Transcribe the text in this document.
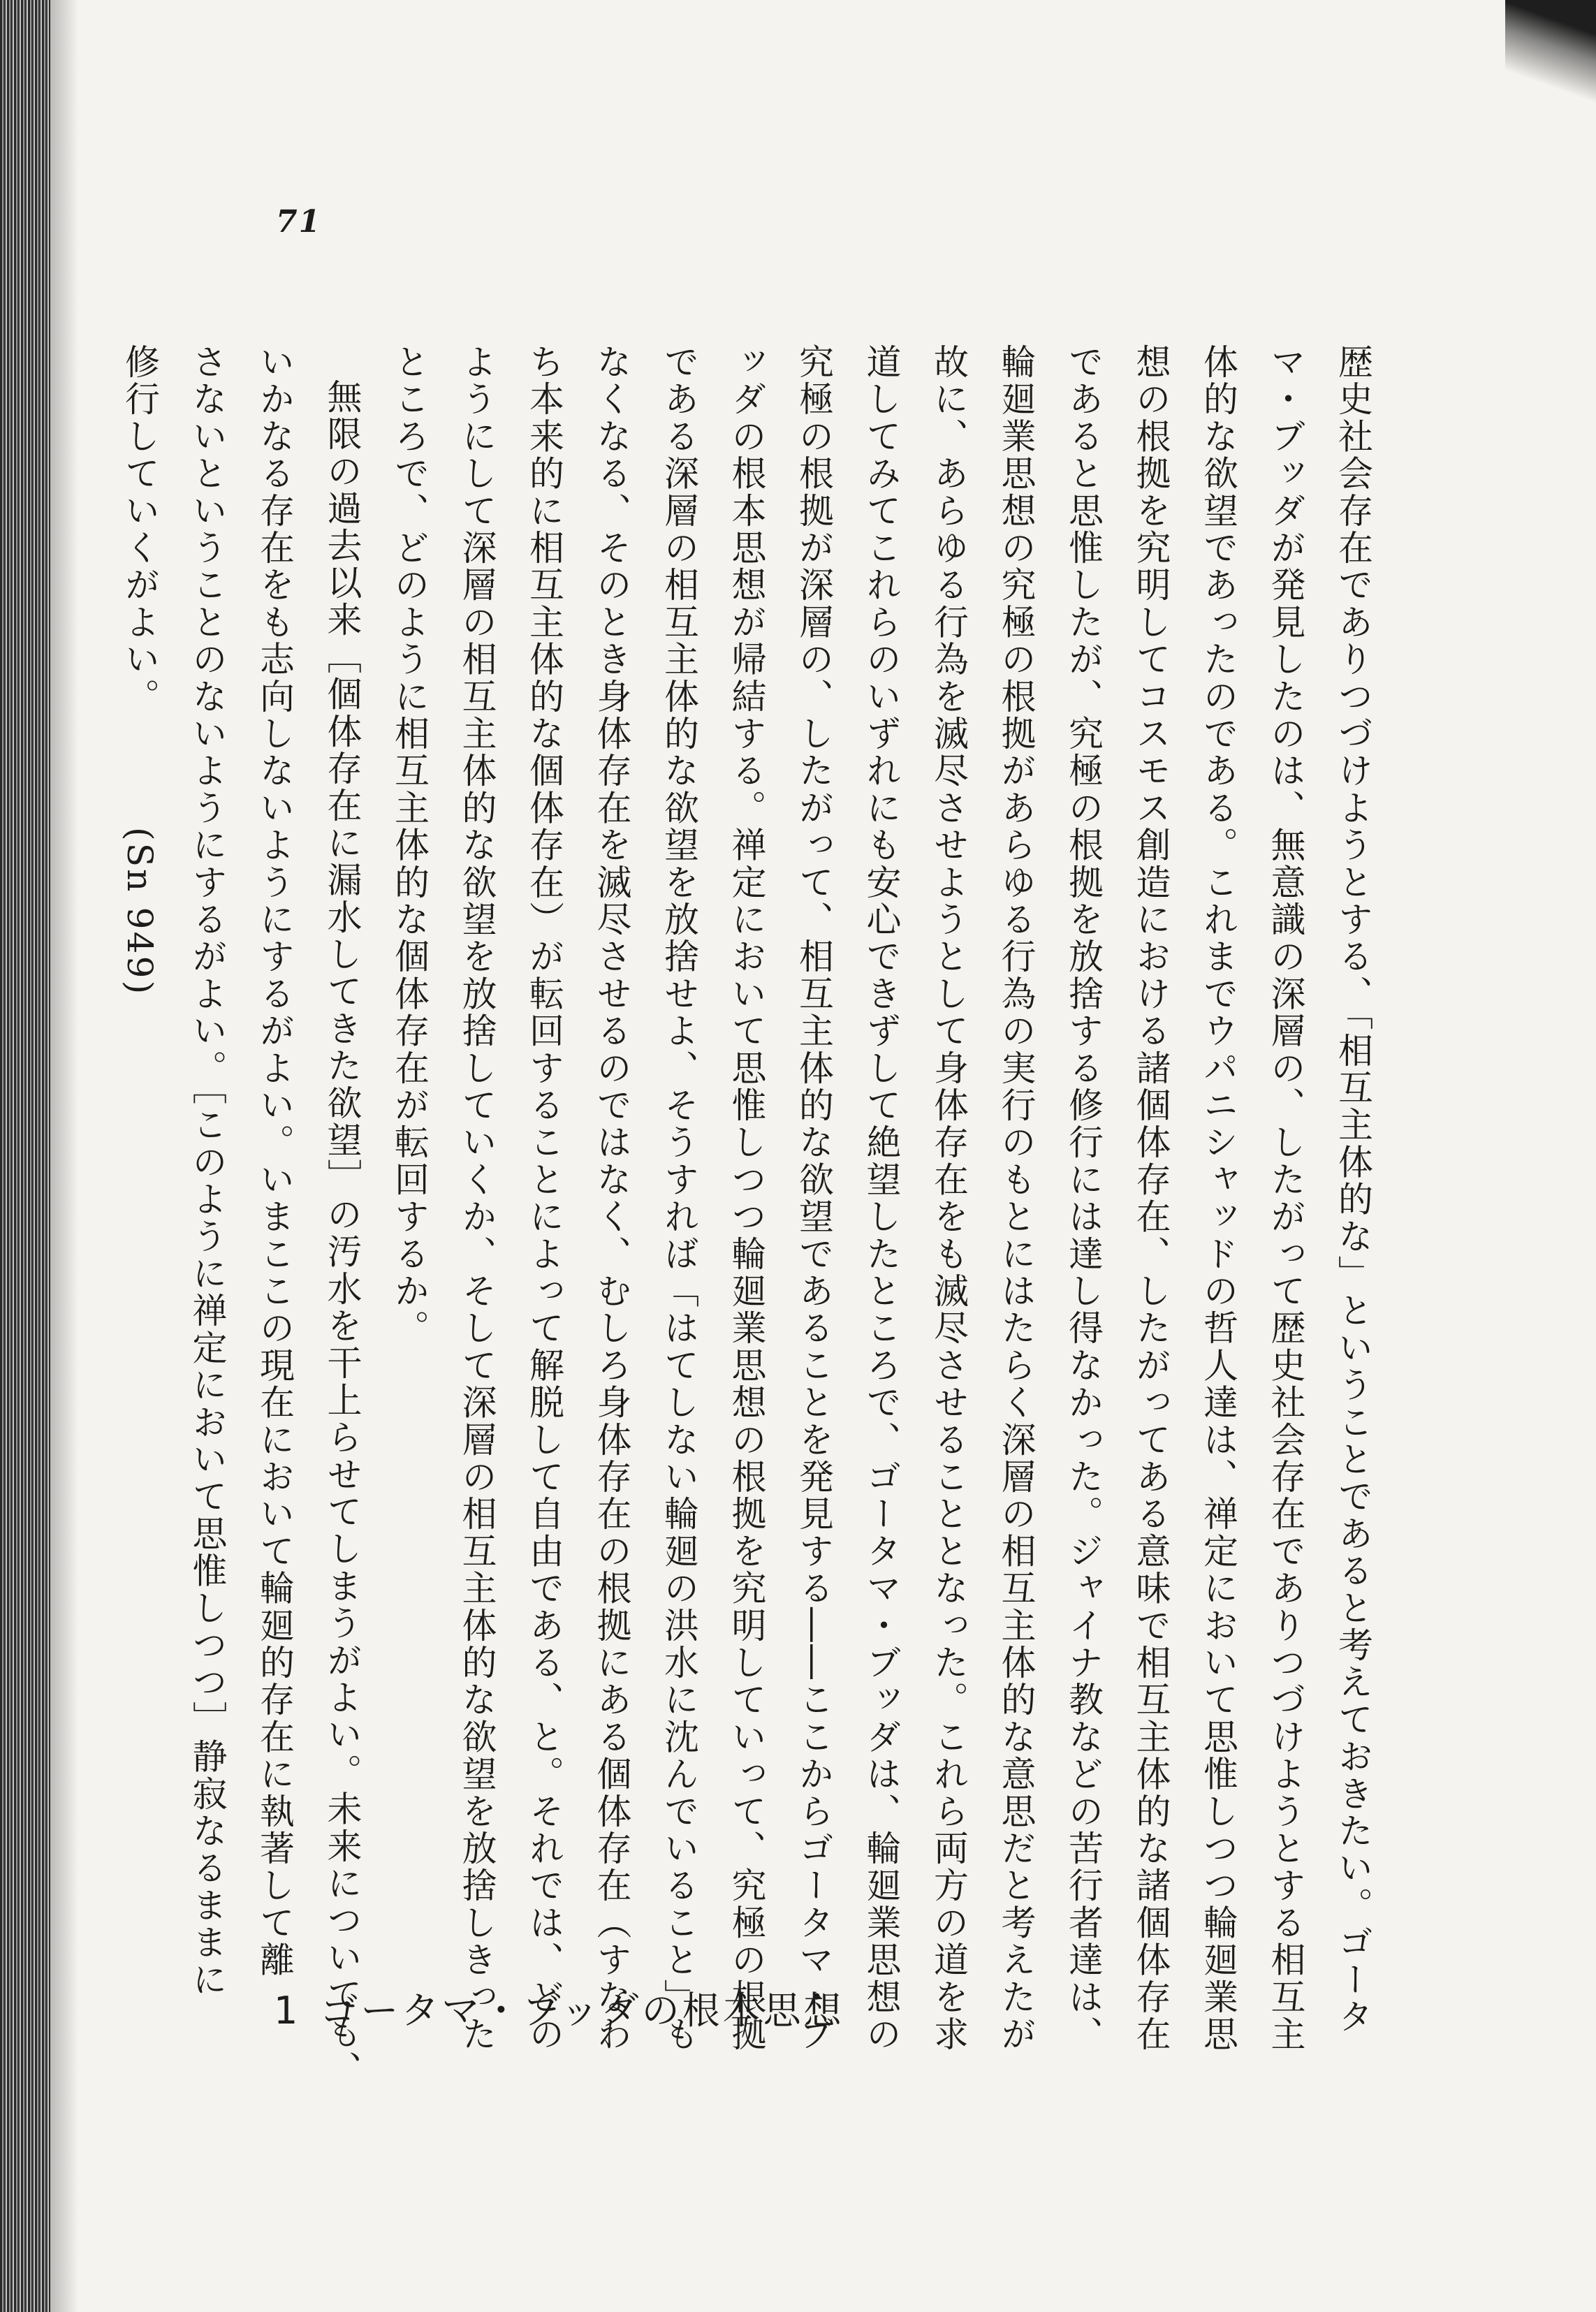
71

歴史社会存在でありつづけようとする、「相互主体的な」ということであると考えておきたい。ゴータ
マ・ブッダが発見したのは、無意識の深層の、したがって歴史社会存在でありつづけようとする相互主
体的な欲望であったのである。これまでウパニシャッドの哲人達は、禅定において思惟しつつ輪廻業思
想の根拠を究明してコスモス創造における諸個体存在、したがってある意味で相互主体的な諸個体存在
であると思惟したが、究極の根拠を放捨する修行には達し得なかった。ジャイナ教などの苦行者達は、
輪廻業思想の究極の根拠があらゆる行為の実行のもとにはたらく深層の相互主体的な意思だと考えたが
故に、あらゆる行為を滅尽させようとして身体存在をも滅尽させることとなった。これら両方の道を求
道してみてこれらのいずれにも安心できずして絶望したところで、ゴータマ・ブッダは、輪廻業思想の
究極の根拠が深層の、したがって、相互主体的な欲望であることを発見する――ここからゴータマ・ブ
ッダの根本思想が帰結する。禅定において思惟しつつ輪廻業思想の根拠を究明していって、究極の根拠
である深層の相互主体的な欲望を放捨せよ、そうすれば「はてしない輪廻の洪水に沈んでいること」も
なくなる、そのとき身体存在を滅尽させるのではなく、むしろ身体存在の根拠にある個体存在（すなわ
ち本来的に相互主体的な個体存在）が転回することによって解脱して自由である、と。それでは、どの
ようにして深層の相互主体的な欲望を放捨していくか、そして深層の相互主体的な欲望を放捨しきった
ところで、どのように相互主体的な個体存在が転回するか。

無限の過去以来［個体存在に漏水してきた欲望］の汚水を干上らせてしまうがよい。未来についても、
いかなる存在をも志向しないようにするがよい。いまここの現在において輪廻的存在に執著して離
さないということのないようにするがよい。［このように禅定において思惟しつつ］静寂なるままに
修行していくがよい。(Sn 949)

1 ゴータマ・ブッダの根本思想
